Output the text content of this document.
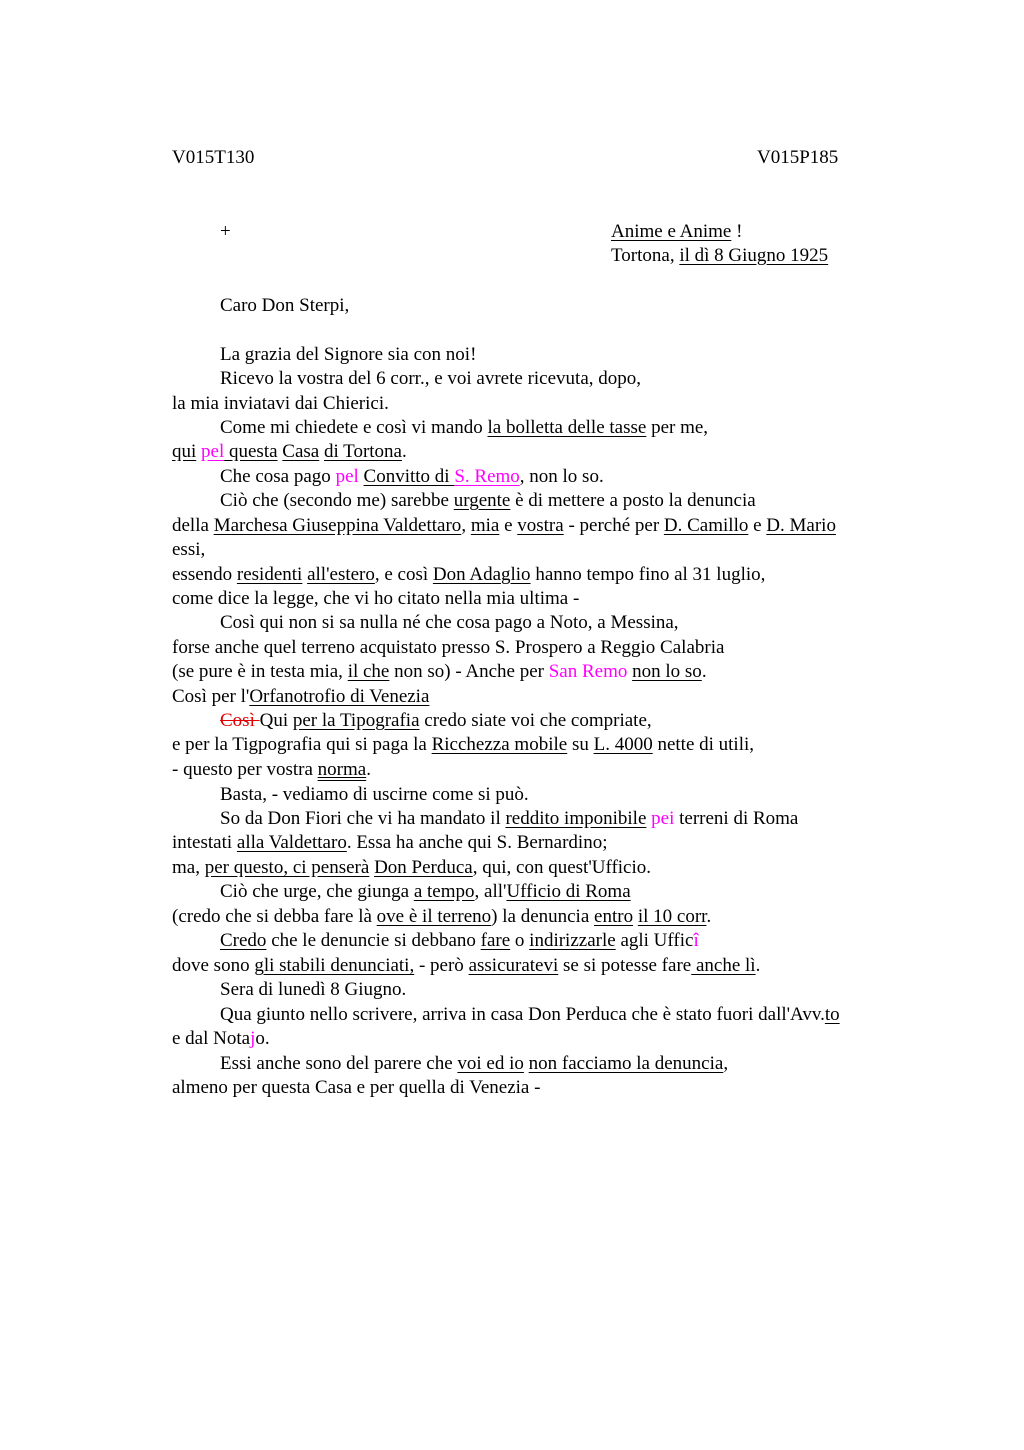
V015T130	V015P185
+	Anime e Anime !
Tortona, il dì 8 Giugno 1925
Caro Don Sterpi,
La grazia del Signore sia con noi!
Ricevo la vostra del 6 corr., e voi avrete ricevuta, dopo,
la mia inviatavi dai Chierici.
Come mi chiedete e così vi mando la bolletta delle tasse per me,
qui pel questa Casa di Tortona.
Che cosa pago pel Convitto di S. Remo, non lo so.
Ciò che (secondo me) sarebbe urgente è di mettere a posto la denuncia
della Marchesa Giuseppina Valdettaro, mia e vostra - perché per D. Camillo e D. Mario
essi,
essendo residenti all'estero, e così Don Adaglio hanno tempo fino al 31 luglio,
come dice la legge, che vi ho citato nella mia ultima -
Così qui non si sa nulla né che cosa pago a Noto, a Messina,
forse anche quel terreno acquistato presso S. Prospero a Reggio Calabria
(se pure è in testa mia, il che non so) - Anche per San Remo non lo so.
Così per l'Orfanotrofio di Venezia
Così Qui per la Tipografia credo siate voi che compriate,
e per la Tigpografia qui si paga la Ricchezza mobile su L. 4000 nette di utili,
- questo per vostra norma.
Basta, - vediamo di uscirne come si può.
So da Don Fiori che vi ha mandato il reddito imponibile pei terreni di Roma
intestati alla Valdettaro. Essa ha anche qui S. Bernardino;
ma, per questo, ci penserà Don Perduca, qui, con quest'Ufficio.
Ciò che urge, che giunga a tempo, all'Ufficio di Roma
(credo che si debba fare là ove è il terreno) la denuncia entro il 10 corr.
Credo che le denuncie si debbano fare o indirizzarle agli Ufficî
dove sono gli stabili denunciati, - però assicuratevi se si potesse fare anche lì.
Sera di lunedì 8 Giugno.
Qua giunto nello scrivere, arriva in casa Don Perduca che è stato fuori dall'Avv.to
e dal Notajo.
Essi anche sono del parere che voi ed io non facciamo la denuncia,
almeno per questa Casa e per quella di Venezia -
